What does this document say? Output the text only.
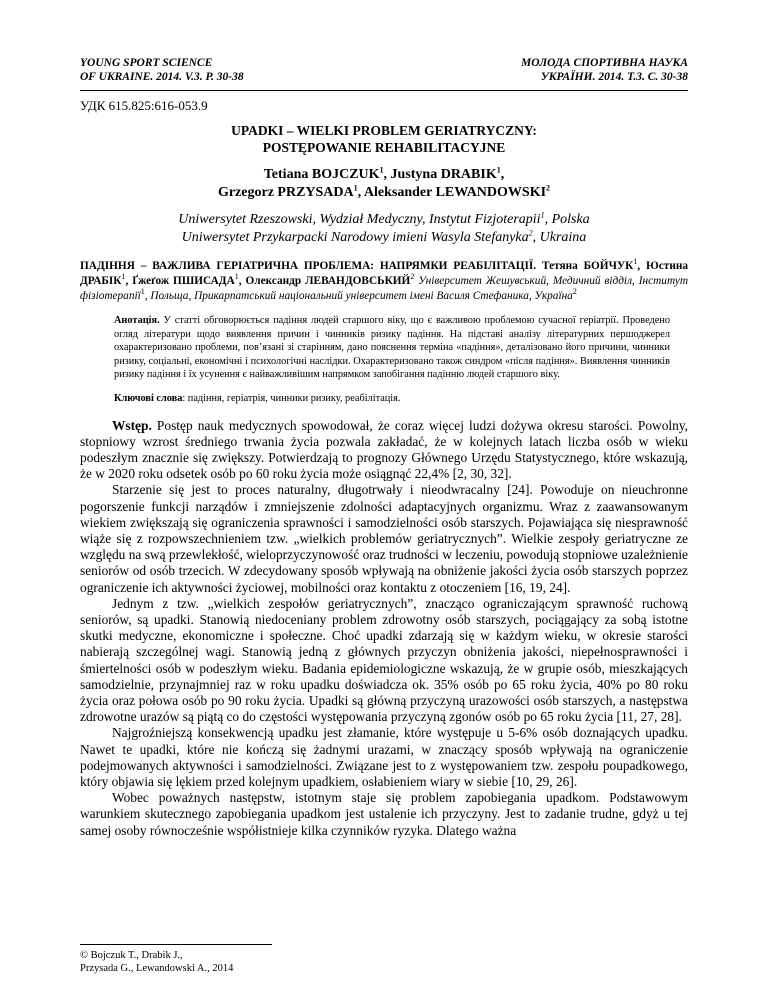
YOUNG SPORT SCIENCE
OF UKRAINE. 2014. V.3. P. 30-38
МОЛОДА СПОРТИВНА НАУКА
УКРАЇНИ. 2014. Т.3. С. 30-38
УДК 615.825:616-053.9
UPADKI – WIELKI PROBLEM GERIATRYCZNY:
POSTĘPOWANIE REHABILITACYJNE
Tetiana BOJCZUK$^1$, Justyna DRABIK$^1$,
Grzegorz PRZYSADA$^1$, Aleksander LEWANDOWSKI$^2$
Uniwersytet Rzeszowski, Wydział Medyczny, Instytut Fizjoterapii$^1$, Polska
Uniwersytet Przykarpacki Narodowy imieni Wasyla Stefanyka$^2$, Ukraina
ПАДІННЯ – ВАЖЛИВА ГЕРІАТРИЧНА ПРОБЛЕМА: НАПРЯМКИ РЕАБІЛІТАЦІЇ. Тетяна БОЙЧУК$^1$, Юстина ДРАБІК$^1$, Ґжеґож ПШИСАДА$^1$, Олександр ЛЕВАНДОВСЬКИЙ$^2$ Університет Жешувський, Медичний відділ, Інститут фізіотерапії$^1$, Польща, Прикарпатський національний університет імені Василя Стефаника, Україна$^2$
Анотація. У статті обговорюється падіння людей старшого віку, що є важливою проблемою сучасної геріатрії. Проведено огляд літератури щодо виявлення причин і чинників ризику падіння. На підставі аналізу літературних першоджерел охарактеризовано проблеми, пов’язані зі старінням, дано пояснення терміна «падіння», деталізовано його причини, чинники ризику, соціальні, економічні і психологічні наслідки. Охарактеризовано також синдром «після падіння». Виявлення чинників ризику падіння і їх усунення є найважливішим напрямком запобігання падінню людей старшого віку.
Ключові слова: падіння, геріатрія, чинники ризику, реабілітація.

Wstęp. Postęp nauk medycznych spowodował, że coraz więcej ludzi dożywa okresu starości. Powolny, stopniowy wzrost średniego trwania życia pozwala zakładać, że w kolejnych latach liczba osób w wieku podeszłym znacznie się zwiększy. Potwierdzają to prognozy Głównego Urzędu Statystycznego, które wskazują, że w 2020 roku odsetek osób po 60 roku życia może osiągnąć 22,4% [2, 30, 32].

Starzenie się jest to proces naturalny, długotrwały i nieodwracalny [24]. Powoduje on nieuchronne pogorszenie funkcji narządów i zmniejszenie zdolności adaptacyjnych organizmu. Wraz z zaawansowanym wiekiem zwiększają się ograniczenia sprawności i samodzielności osób starszych. Pojawiająca się niesprawność wiąże się z rozpowszechnieniem tzw. „wielkich problemów geriatrycznych”. Wielkie zespoły geriatryczne ze względu na swą przewlekłość, wieloprzyczynowość oraz trudności w leczeniu, powodują stopniowe uzależnienie seniorów od osób trzecich. W zdecydowany sposób wpływają na obniżenie jakości życia osób starszych poprzez ograniczenie ich aktywności życiowej, mobilności oraz kontaktu z otoczeniem [16, 19, 24].

Jednym z tzw. „wielkich zespołów geriatrycznych”, znacząco ograniczającym sprawność ruchową seniorów, są upadki. Stanowią niedoceniany problem zdrowotny osób starszych, pociągający za sobą istotne skutki medyczne, ekonomiczne i społeczne. Choć upadki zdarzają się w każdym wieku, w okresie starości nabierają szczególnej wagi. Stanowią jedną z głównych przyczyn obniżenia jakości, niepełnosprawności i śmiertelności osób w podeszłym wieku. Badania epidemiologiczne wskazują, że w grupie osób, mieszkających samodzielnie, przynajmniej raz w roku upadku doświadcza ok. 35% osób po 65 roku życia, 40% po 80 roku życia oraz połowa osób po 90 roku życia. Upadki są główną przyczyną urazowości osób starszych, a następstwa zdrowotne urazów są piątą co do częstości występowania przyczyną zgonów osób po 65 roku życia [11, 27, 28].

Najgroźniejszą konsekwencją upadku jest złamanie, które występuje u 5-6% osób doznających upadku. Nawet te upadki, które nie kończą się żadnymi urazami, w znaczący sposób wpływają na ograniczenie podejmowanych aktywności i samodzielności. Związane jest to z występowaniem tzw. zespołu poupadkowego, który objawia się lękiem przed kolejnym upadkiem, osłabieniem wiary w siebie [10, 29, 26].

Wobec poważnych następstw, istotnym staje się problem zapobiegania upadkom. Podstawowym warunkiem skutecznego zapobiegania upadkom jest ustalenie ich przyczyny. Jest to zadanie trudne, gdyż u tej samej osoby równocześnie współistnieje kilka czynników ryzyka. Dlatego ważna

© Bojczuk T., Drabik J.,
Przysada G., Lewandowski A., 2014
